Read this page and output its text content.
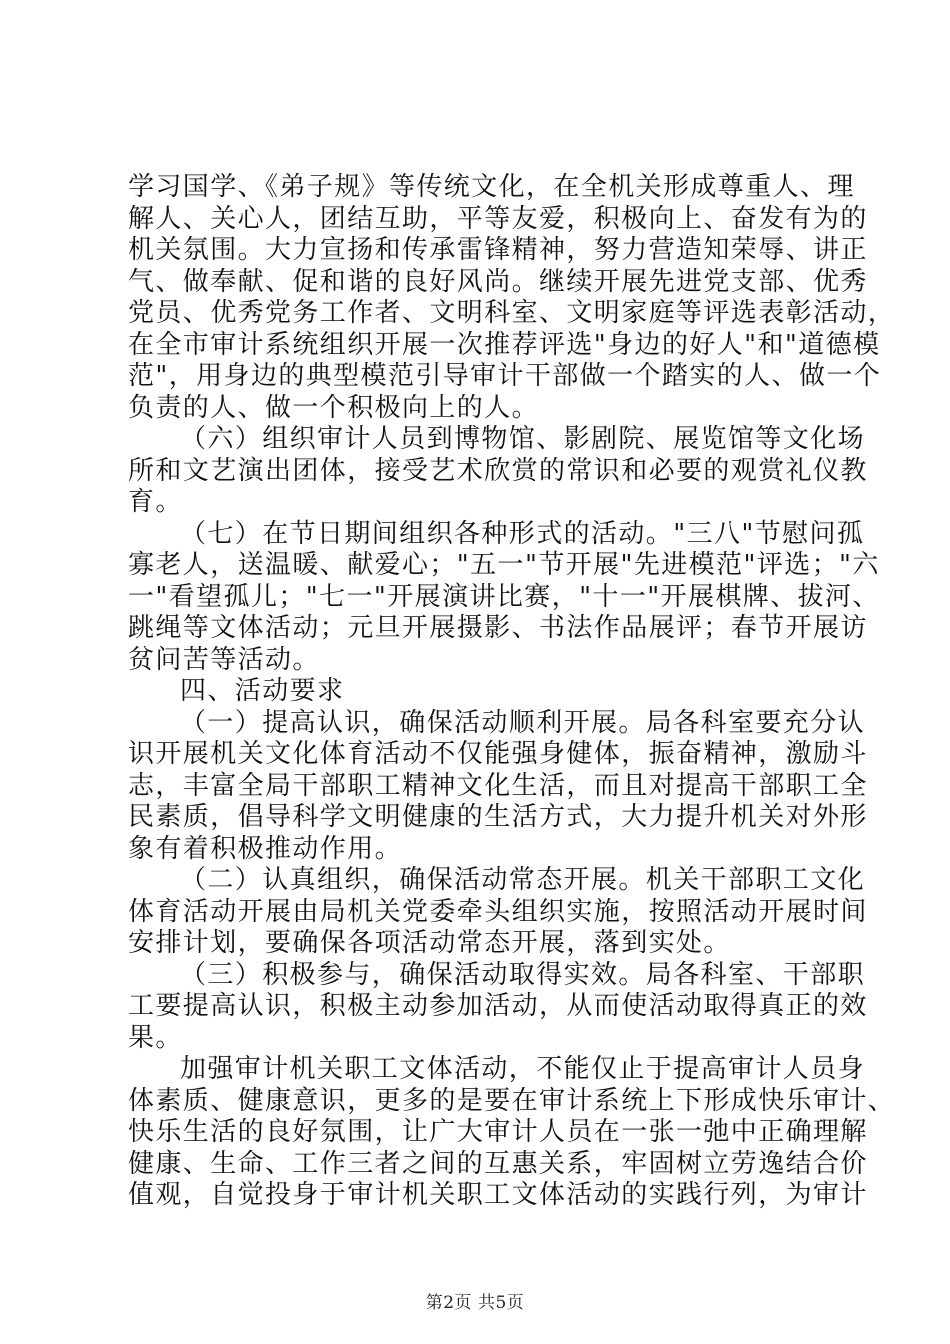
学习国学、《弟子规》等传统文化，在全机关形成尊重人、理
解人、关心人，团结互助，平等友爱，积极向上、奋发有为的
机关氛围。大力宣扬和传承雷锋精神，努力营造知荣辱、讲正
气、做奉献、促和谐的良好风尚。继续开展先进党支部、优秀
党员、优秀党务工作者、文明科室、文明家庭等评选表彰活动，
在全市审计系统组织开展一次推荐评选"身边的好人"和"道德模
范"，用身边的典型模范引导审计干部做一个踏实的人、做一个
负责的人、做一个积极向上的人。
（六）组织审计人员到博物馆、影剧院、展览馆等文化场
所和文艺演出团体，接受艺术欣赏的常识和必要的观赏礼仪教
育。
（七）在节日期间组织各种形式的活动。"三八"节慰问孤
寡老人，送温暖、献爱心；"五一"节开展"先进模范"评选；"六
一"看望孤儿；"七一"开展演讲比赛，"十一"开展棋牌、拔河、
跳绳等文体活动；元旦开展摄影、书法作品展评；春节开展访
贫问苦等活动。
四、活动要求
（一）提高认识，确保活动顺利开展。局各科室要充分认
识开展机关文化体育活动不仅能强身健体，振奋精神，激励斗
志，丰富全局干部职工精神文化生活，而且对提高干部职工全
民素质，倡导科学文明健康的生活方式，大力提升机关对外形
象有着积极推动作用。
（二）认真组织，确保活动常态开展。机关干部职工文化
体育活动开展由局机关党委牵头组织实施，按照活动开展时间
安排计划，要确保各项活动常态开展，落到实处。
（三）积极参与，确保活动取得实效。局各科室、干部职
工要提高认识，积极主动参加活动，从而使活动取得真正的效
果。
加强审计机关职工文体活动，不能仅止于提高审计人员身
体素质、健康意识，更多的是要在审计系统上下形成快乐审计、
快乐生活的良好氛围，让广大审计人员在一张一弛中正确理解
健康、生命、工作三者之间的互惠关系，牢固树立劳逸结合价
值观，自觉投身于审计机关职工文体活动的实践行列，为审计
第2页 共5页
